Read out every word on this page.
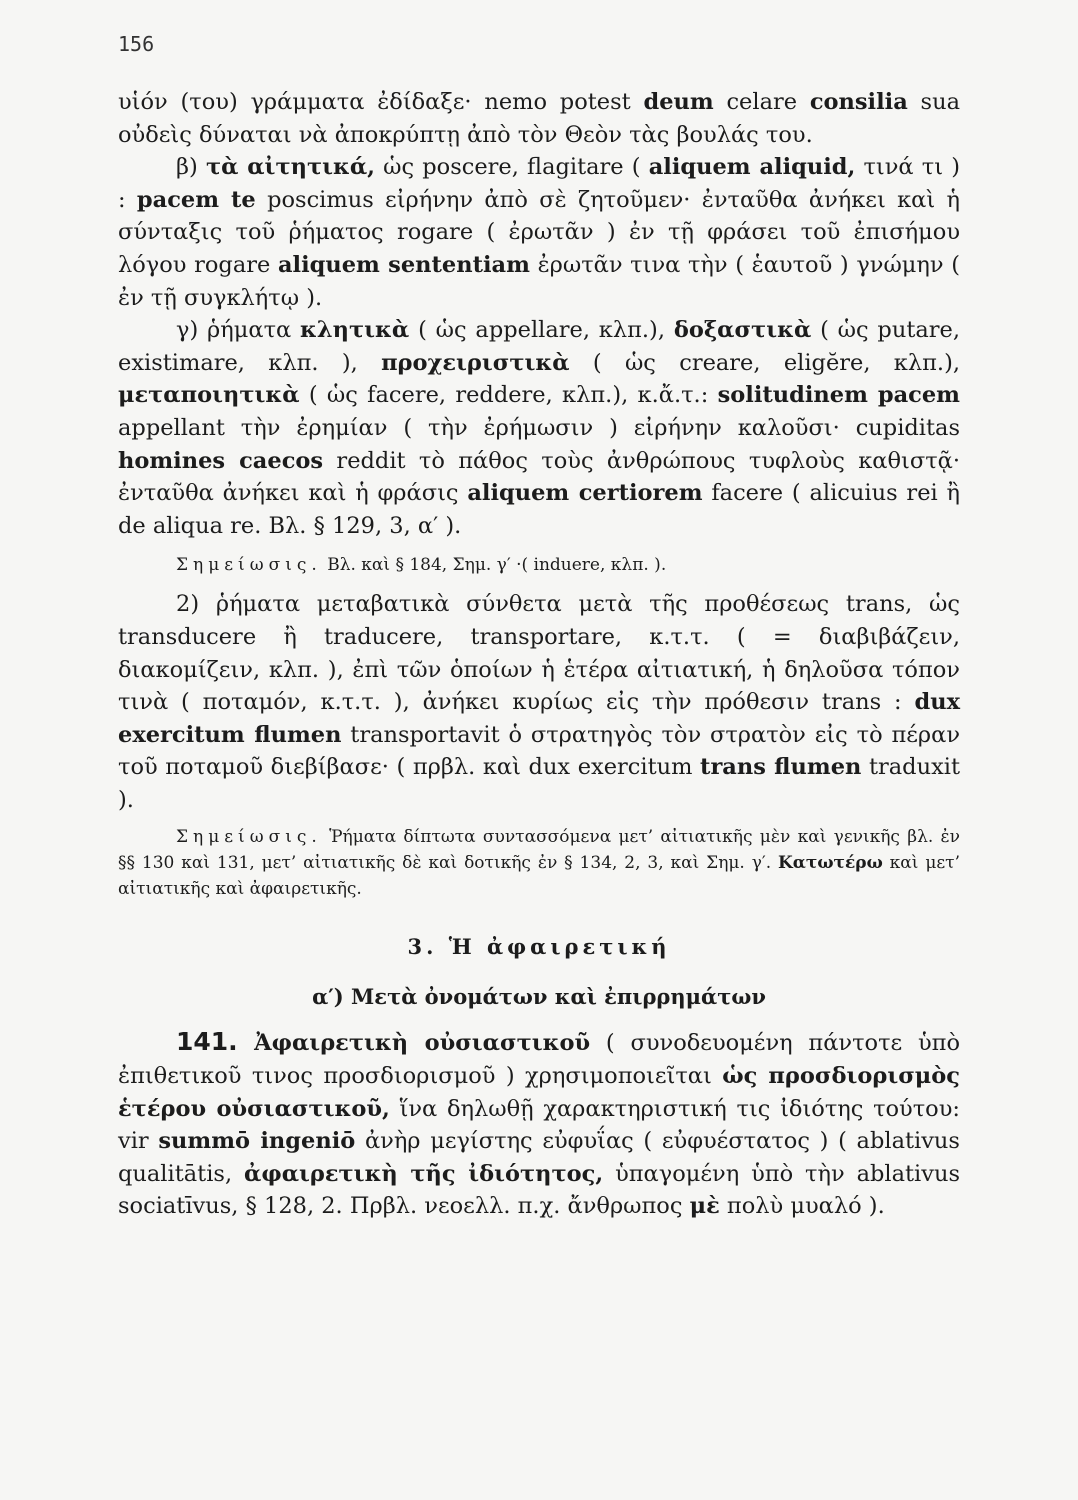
156

υἱόν (του) γράμματα ἐδίδαξε· nemo potest deum celare consilia sua οὐδεὶς δύναται νὰ ἀποκρύπτῃ ἀπὸ τὸν Θεὸν τὰς βουλάς του.

β) τὰ αἰτητικά, ὡς poscere, flagitare ( aliquem aliquid, τινά τι ) : pacem te poscimus εἰρήνην ἀπὸ σὲ ζητοῦμεν· ἐνταῦθα ἀνήκει καὶ ἡ σύνταξις τοῦ ῥήματος rogare ( ἐρωτᾶν ) ἐν τῇ φράσει τοῦ ἐπισήμου λόγου rogare aliquem sententiam ἐρωτᾶν τινα τὴν ( ἑαυτοῦ ) γνώμην ( ἐν τῇ συγκλήτῳ ).

γ) ῥήματα κλητικὰ ( ὡς appellare, κλπ.), δοξαστικὰ ( ὡς putare, existimare, κλπ. ), προχειριστικὰ ( ὡς creare, eligĕre, κλπ.), μεταποιητικὰ ( ὡς facere, reddere, κλπ.), κ.ἄ.τ.: solitudinem pacem appellant τὴν ἐρημίαν ( τὴν ἐρήμωσιν ) εἰρήνην καλοῦσι· cupiditas homines caecos reddit τὸ πάθος τοὺς ἀνθρώπους τυφλοὺς καθιστᾷ· ἐνταῦθα ἀνήκει καὶ ἡ φράσις aliquem certiorem facere ( alicuius rei ἢ de aliqua re. Βλ. § 129, 3, α′ ).

Σημείωσις. Βλ. καὶ § 184, Σημ. γ′ ·( induere, κλπ. ).

2) ῥήματα μεταβατικὰ σύνθετα μετὰ τῆς προθέσεως trans, ὡς transducere ἢ traducere, transportare, κ.τ.τ. ( = διαβιβάζειν, διακομίζειν, κλπ. ), ἐπὶ τῶν ὁποίων ἡ ἑτέρα αἰτιατική, ἡ δηλοῦσα τόπον τινὰ ( ποταμόν, κ.τ.τ. ), ἀνήκει κυρίως εἰς τὴν πρόθεσιν trans : dux exercitum flumen transportavit ὁ στρατηγὸς τὸν στρατὸν εἰς τὸ πέραν τοῦ ποταμοῦ διεβίβασε· ( πρβλ. καὶ dux exercitum trans flumen traduxit ).

Σημείωσις. Ῥήματα δίπτωτα συντασσόμενα μετ’ αἰτιατικῆς μὲν καὶ γενικῆς βλ. ἐν §§ 130 καὶ 131, μετ’ αἰτιατικῆς δὲ καὶ δοτικῆς ἐν § 134, 2, 3, καὶ Σημ. γ′. Κατωτέρω καὶ μετ’ αἰτιατικῆς καὶ ἀφαιρετικῆς.

3. Ἡ ἀφαιρετική

α′) Μετὰ ὀνομάτων καὶ ἐπιρρημάτων

141. Ἀφαιρετικὴ οὐσιαστικοῦ ( συνοδευομένη πάντοτε ὑπὸ ἐπιθετικοῦ τινος προσδιορισμοῦ ) χρησιμοποιεῖται ὡς προσδιορισμὸς ἑτέρου οὐσιαστικοῦ, ἵνα δηλωθῇ χαρακτηριστική τις ἰδιότης τούτου: vir summō ingeniō ἀνὴρ μεγίστης εὐφυΐας ( εὐφυέστατος ) ( ablativus qualitātis, ἀφαιρετικὴ τῆς ἰδιότητος, ὑπαγομένη ὑπὸ τὴν ablativus sociatīvus, § 128, 2. Πρβλ. νεοελλ. π.χ. ἄνθρωπος μὲ πολὺ μυαλό ).
